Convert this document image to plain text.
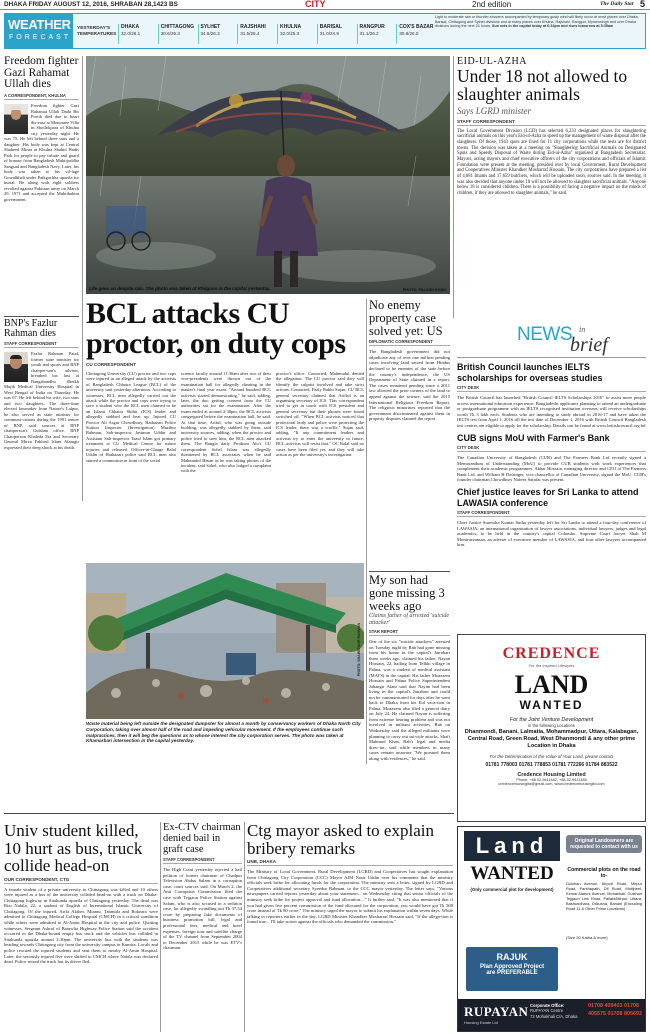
DHAKA FRIDAY AUGUST 12, 2016, SHRABAN 28,1423 BS	CITY	2nd edition	The Daily Star 5
WEATHER
FORECAST
YESTERDAY'S
TEMPERATURES
DHAKA
32.0/26.1
CHITTAGONG
30.6/26.3
SYLHET
34.8/26.3
RAJSHAHI
31.5/25.4
KHULNA
32.0/25.3
BARISAL
31.0/24.9
RANGPUR
31.1/26.2
COX'S BAZAR
30.8/26.0
Light to moderate rain or thunder-showers accompanied by temporary gusty wind will likely occur at most places over Dhaka, Barisal, Chittagong and Sylhet divisions and at many places over Khulna, Rajshahi, Rangpur, Mymensingh and over Dhaka divisions during the next 24 hours. Sun sets in the capital today at 6:34pm and rises tomorrow at 5:35am
Freedom fighter Gazi Rahamat Ullah dies
A CORRESPONDENT, KHULNA

Freedom fighter Gazi Rahamat Ullah Dadu Bir Protik died due to heart dis-ease at Monoaree Villa in Shoilokpara of Khulna city yesterday night. He was 75. He left behind three sons and a daughter. His body was kept at Central Shaheed Minar at Khulna Shahid Hadis Park for people to pay tribute and guard of honour from Bangladesh Muktijoddha Sangsad and Bangladesh Navy. Later, his body was taken to his vil-lage Gowalkhali under Paikgachha upazila for burial. He along with eight soldiers revolted against Pakistan army on March 29, 1971 and accepted the Muktibahini government.

BNP's Fazlur Rahman dies
STAFF CORRESPONDENT

Fazlur Rahman Patal, former state minister for youth and sports and BNP chairper-son's adviser, breathed his last at Bangabandhu Sheikh Mujib Medical University Hospital in West Bengal of India on Thursday. He was 67. He left behind his wife, two sons and two daughters. The three-time elected lawmaker from Natore's Lalpur, he also served as state minister for communi-cations during the 1991 tenure of BNP, said sources at BNP chairperson's Gulshan office. BNP Chairperson Khaleda Zia and Secretary General Mirza Fakhrul Islam Alamgir expressed their deep shock at his death.

Life goes on despite rain. The photo was taken at Khilgaon in the capital yesterday.	PHOTO: PALASH KHAN
EID-UL-AZHA
Under 18 not allowed to slaughter animals
Says LGRD minister
STAFF CORRESPONDENT

The Local Government Division (LGD) has selected 6,233 designated places for slaughtering sacrificial animals on this year's Eid-ul-Azha to speed up the management of waste disposal after the slaughters. Of those, 1943 spots are fixed for 11 city corporations while the rests are for district towns. The decision was taken at a meeting on "Slaughtering Sacrificial Animals on Designated Spots and Speedy Disposal of Waste during Eid-ul-Azha" organised at Bangladesh Secretariat. Mayors, acting mayors and chief executive officers of the city corporations and officials of Islamic Foundation were present at the meeting, presided over by local Government, Rural Development and Cooperatives Minister Khandker Mosharraf Hossain. The city corporations have prepared a list of 4,681 Imams and 17,659 butchers, which will be uploaded soon, sources said. In the meeting, it was also decided that anyone under 18 will not be allowed to slaughter sacrificial animals. "Anyone below 18 is considered children. There is a possibility of facing a negative impact on the minds of children, if they are allowed to slaughter animals," he said.

BCL attacks CU proctor, on duty cops
CU CORRESPONDENT

Chittagong University (CU) proctor and two cops were injured in an alleged attack by the activists of Bangladesh Chhatra League (BCL) of the university unit yesterday afternoon. According to witnesses, BCL men allegedly carried out the attack while the proctor and cops were trying to save a student who the BCL men claimed to be an Islami Chhatra Shibir (ICS) leader and allegedly stabbed and beat up. Injured CU Proctor Ali Asgar Chowdhury, Hathazari Police Station Inspector (Investigation) Mazibur Rahman, Sub-inspector Jasimun Uddin and Assistant Sub-inspector Tazul Islam got primary treatment at CU Medical Centre for minor injuries and released. Officer-in-Charge Balal Uddin of Hathazari police said BCL men also started a commotion in front of the social

science faculty around 11:30am after two of their vice-presidents were thrown out of the examination hall for allegedly cheating in the master's final year exam. "Around hundred BCL activists started demonstrating," he said, adding, later, the duo getting consent from the CU authorities sat for the examination. After the exam ended at around 2:30pm, the BCL activists congregated before the examination hall, he said. At that time, Ariful, who was going outside building, was allegedly stabbed by them, said university sources, adding, when the proctor and police tried to save him, the BCL men attacked them. The Bangla daily Prothom Alo's CU correspondent Sohel Islam was allegedly threatened by BCL associates when he said Mahmudul Hasan as he was taking photos of the incident, said Sohel, who also lodged a complaint with the

proctor's office. Contacted, Mahmudul denied the allegation. The CU proctor said they will identify the culprits involved and take strict actions. Contacted, Fazly Rabbi Sujan, CU BCL general secretary claimed that Arifful is an organising secretary of ICS. This correspondent tried to get in touch with ICS president and general secretary but their phones were found switched off. "When BCL activists noticed that protectoral body and police were protecting the ICS leader, there was a scuffle," Sujan said, adding, "If any commitment leaders and activists try to enter the university in future, BCL activists will resist that." OC Balal said no cases have been filed yet, and they will take action as per the university's investigation.

No enemy property case solved yet: US
DIPLOMATIC CORRESPONDENT

The Bangladesh government did not adjudicate any of over one million pending cases involving land seized from Hindus declared to be enemies of the state before the country's independence, the US Department of State claimed in a report. The cases remained pending since a 2011 law allowed the prior owners of the land to appeal against the seizure, said the 2015 International Religious Freedom Report. The religious minorities reported that the government discriminated against them in property disputes claimed the report.

NEWS in
brief
British Council launches IELTS scholarships for overseas studies
CITY DESK

The British Council has launched "British Council IELTS Scholarships 2016" to assist more people access international education experience. Bangladeshi applicants planning to attend an undergraduate or postgraduate programme with an IELTS recognised institution overseas will receive scholarships worth Tk 3 lakh each. Students who are intending to study abroad in 2016-17 and have taken the IELTS test from April 1, 2016 till the test date of December 1, 2016 with British Council Bangladesh test centres are eligible to apply for the scholarship. Details can be found at www.britishcouncil.org.bd

CUB signs MoU with Farmer's Bank
CITY DESK

The Canadian University of Bangladesh (CUB) and The Farmers Bank Ltd recently signed a Memorandum of Understanding (MoU) to provide CUB students with work experiences that complement their academic programmes. Akbar Hossain, managing director and CEO of The Farmers Bank Ltd, and William H Deiringer, vice chancellor of Canadian University, signed the MoU. CUB's founder chairman Chowdhury Nafeez Sarafat was present.

Chief justice leaves for Sri Lanka to attend LAWASIA conference
STAFF CORRESPONDENT

Chief Justice Surendra Kumar Sinha yesterday left for Sri Lanka to attend a four-day conference of LAWASIA, an international organisation of lawyer associations, individual lawyers, judges and legal academics, to be held in the country's capital Colombo. Supreme Court lawyer Shah M Moniruzzaman, an adviser of executive member of LAWASIA, and four other lawyers accompanied him.

PHOTO: SHAHEENUR RAHMAN
My son had gone missing 3 weeks ago
Claims father of arrested 'suicide attacker'
STAR REPORT

One of the six "suicide attackers" arrested on Tuesday night by Rab had gone missing from his home in the capital's Jatrabari three weeks ago, claimed his father. Nayan Hossain, 22, hailing from Telkhi village in Pabna, was a student of medical assistant (MATS) in the capital. His father Moazzem Hossain and Pabna Police Superintendent Jahangir Alam said that Nayan had been living in the capital's Jatrabari and could not be communicated for days after he went back to Dhaka from his Eid vaca-tion in Pabna. Moazzem also filed a general diary on July 24. He claimed Nayan is suffering from extreme hearing problem and was not involved in militant activities. Rab on Wednesday said the alleged militants were planning to carry out sui-cide attacks. Shafi Mahmud Khan, Rab's legal and media direc-tor, said while members in many cases remain unaware "We pursued them along with evidences," he said.

Waste material being left outside the designated dumpster for almost a month by conservancy workers of Dhaka North City Corporation, taking over almost half of the road and impeding vehicular movement. If the employees continue such malpractices, then it will beg the questions as to whose interest the city corporation serves. The photo was taken at Khamarbari intersection in the capital yesterday.
Univ student killed, 10 hurt as bus, truck collide head-on
OUR CORRESPONDENT, CTG

A female student of a private university in Chittagong was killed and 10 others were injured as a bus of the university collided head-on with a truck on Dhaka-Chittagong highway in Sitakunda upazila of Chittagong yesterday. The dead was Rizi Nabila, 22, a student of English of International Islamic University of Chittagong. Of the injured, Arifa Akther, Miamu, Tahmida and Bokeara were admitted to Chittagong Medical College Hospital (CMCH) in a critical condition while others were admitted to Al-Amin Hospital in the city and police. Quoting witnesses, Sergeant Ashraf of Barawlia Highway Police Station said the accident occurred in the Dhaka-bound empty bus truck and the vehicles bus collided in Sitakunda upazila around 2:30pm. The university bus with the students was heading towards Chittagong city from the university campus in Kumira. Locals and police rescued the injured students and sent them to nearby Al-Amin Hospital. Later, the seriously injured five were shifted to CMCH where Nabila was declared dead. Police seized the truck but its driver fled.

Ex-CTV chairman denied bail in graft case
STAFF CORRESPONDENT

The High Court yesterday rejected a bail petition of former chairman of Chadpur Television Abdus Salam in a corruption case, court sources said. On March 2, the Anti Corruption Commission filed the case with Tejgaon Police Station against Salam, who is also accused in a sedition case, for allegedly swindling out Tk 37.54 crore by preparing fake documents of business promotion bill, legal and professional fees, medical and hotel expenses, foreign tour and satellite charge of the TV channel from September 2004 to December 2015 while he was ETV's chairman.

Ctg mayor asked to explain bribery remarks
UNB, DHAKA

The Ministry of Local Government, Rural Development (LGRD) and Cooperatives has sought explanation from Chittagong City Corporation (CCC) Mayor AJM Nasir Uddin over his comments that the ministry officials seek bribe for allocating funds for the corporation. The ministry sent a letter, signed by LGRD and Cooperatives additional secretary Syeedur Rahman, to the CCC mayor yesterday. The letter says, "Various newspapers carried reports yesterday about your statement... on Wednesday citing that senior officials of the ministry seek bribe for project approval and fund allocation...." It further said, "It was also mentioned that if you had given five percent commission of the fund allocated for the corporation, you would have got Tk 500 crore instead of Tk 80 crore." The ministry urged the mayor to submit his explanation within seven days. While talking to reporters earlier in the day, LGRD Minister Khandker Mosharraf Hossain said, "If the allega-tion is found true... I'll take action against the officials who demanded the commission."

CREDENCE
For the Inspired Lifestyles
LAND
WANTED
For the Joint Venture Development
in the following Locations
Dhanmondi, Banani, Lalmatia, Mohammadpur, Uttara, Kalabagan, Central Road, Green Road, West Dhanmondi & any other prime Location in Dhaka
For the Determination of the Value of Your Land, please contact
01781 778003 01781 778853 01781 772266 01784 883522
Credence Housing Limited
Phone: +88 02-9611482, +88-02-9611485
credencehousingltd@gmail.com, www.credencehousingltd.com
Land
WANTED
(Only commercial plot for development)
Original Landowners are requested to contact with us
Commercial plots on the road to-
Gulshan Avenue, Airport Road, Mirpur Road, Panthapath, Dit Road, Motijheel, Kemal Ataturk Avenue, Mohakhali, Gulshan Tejgaon Link Road, Pallabi/Mirpur, Uttara, Bashundhara, Dilkusha, Banani (Excluding Road 11 & Other Prime Locations)
(Size 20 Katha & more)
RAJUK
Plan Approved Project
are PREFERABLE
RUPAYAN
Housing Estate Ltd
Corporate Office:
RUPAYAN Centre
72 Mohakhali C/A, Dhaka
01708 409403 01708 405575 01708 805692
